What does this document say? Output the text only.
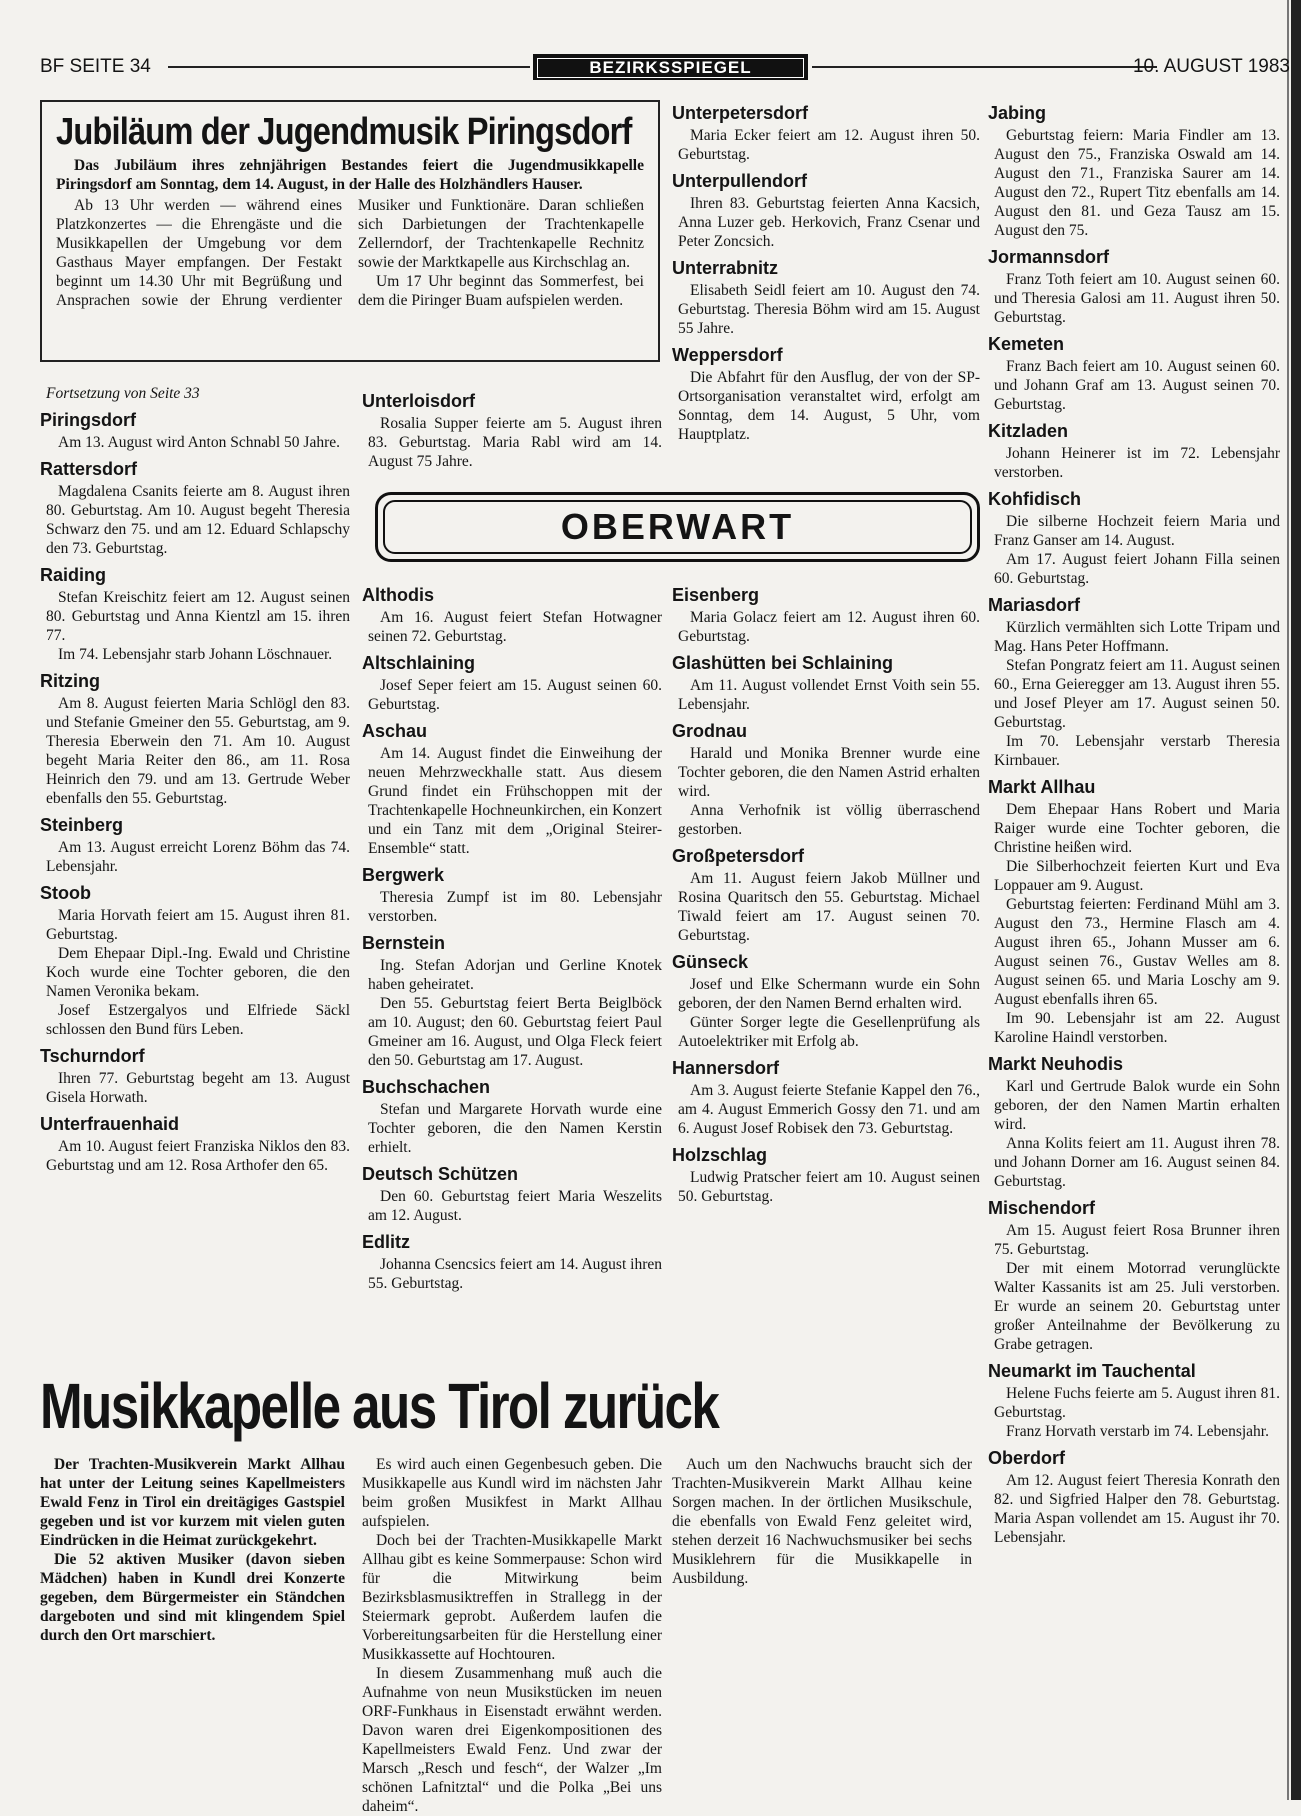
BF SEITE 34	BEZIRKSSPIEGEL	10. AUGUST 1983
Jubiläum der Jugendmusik Piringsdorf

Das Jubiläum ihres zehnjährigen Bestandes feiert die Jugendmusikkapelle Piringsdorf am Sonntag, dem 14. August, in der Halle des Holzhändlers Hauser.

Ab 13 Uhr werden — während eines Platzkonzertes — die Ehrengäste und die Musikkapellen der Umgebung vor dem Gasthaus Mayer empfangen. Der Festakt beginnt um 14.30 Uhr mit Begrüßung und Ansprachen sowie der Ehrung verdienter Musiker und Funktionäre. Daran schließen sich Darbietungen der Trachtenkapelle Zellerndorf, der Trachtenkapelle Rechnitz sowie der Marktkapelle aus Kirchschlag an.

Um 17 Uhr beginnt das Sommerfest, bei dem die Piringer Buam aufspielen werden.

Fortsetzung von Seite 33
Piringsdorf

Am 13. August wird Anton Schnabl 50 Jahre.

Rattersdorf

Magdalena Csanits feierte am 8. August ihren 80. Geburtstag. Am 10. August begeht Theresia Schwarz den 75. und am 12. Eduard Schlapschy den 73. Geburtstag.

Raiding

Stefan Kreischitz feiert am 12. August seinen 80. Geburtstag und Anna Kientzl am 15. ihren 77.

Im 74. Lebensjahr starb Johann Löschnauer.

Ritzing

Am 8. August feierten Maria Schlögl den 83. und Stefanie Gmeiner den 55. Geburtstag, am 9. Theresia Eberwein den 71. Am 10. August begeht Maria Reiter den 86., am 11. Rosa Heinrich den 79. und am 13. Gertrude Weber ebenfalls den 55. Geburtstag.

Steinberg

Am 13. August erreicht Lorenz Böhm das 74. Lebensjahr.

Stoob

Maria Horvath feiert am 15. August ihren 81. Geburtstag.

Dem Ehepaar Dipl.-Ing. Ewald und Christine Koch wurde eine Tochter geboren, die den Namen Veronika bekam.

Josef Estzergalyos und Elfriede Säckl schlossen den Bund fürs Leben.

Tschurndorf

Ihren 77. Geburtstag begeht am 13. August Gisela Horwath.

Unterfrauenhaid

Am 10. August feiert Franziska Niklos den 83. Geburtstag und am 12. Rosa Arthofer den 65.

Unterloisdorf

Rosalia Supper feierte am 5. August ihren 83. Geburtstag. Maria Rabl wird am 14. August 75 Jahre.

Unterpetersdorf

Maria Ecker feiert am 12. August ihren 50. Geburtstag.

Unterpullendorf

Ihren 83. Geburtstag feierten Anna Kacsich, Anna Luzer geb. Herkovich, Franz Csenar und Peter Zoncsich.

Unterrabnitz

Elisabeth Seidl feiert am 10. August den 74. Geburtstag. Theresia Böhm wird am 15. August 55 Jahre.

Weppersdorf

Die Abfahrt für den Ausflug, der von der SP-Ortsorganisation veranstaltet wird, erfolgt am Sonntag, dem 14. August, 5 Uhr, vom Hauptplatz.

OBERWART
Althodis

Am 16. August feiert Stefan Hotwagner seinen 72. Geburtstag.

Altschlaining

Josef Seper feiert am 15. August seinen 60. Geburtstag.

Aschau

Am 14. August findet die Einweihung der neuen Mehrzweckhalle statt. Aus diesem Grund findet ein Frühschoppen mit der Trachtenkapelle Hochneunkirchen, ein Konzert und ein Tanz mit dem „Original Steirer-Ensemble“ statt.

Bergwerk

Theresia Zumpf ist im 80. Lebensjahr verstorben.

Bernstein

Ing. Stefan Adorjan und Gerline Knotek haben geheiratet.

Den 55. Geburtstag feiert Berta Beiglböck am 10. August; den 60. Geburtstag feiert Paul Gmeiner am 16. August, und Olga Fleck feiert den 50. Geburtstag am 17. August.

Buchschachen

Stefan und Margarete Horvath wurde eine Tochter geboren, die den Namen Kerstin erhielt.

Deutsch Schützen

Den 60. Geburtstag feiert Maria Weszelits am 12. August.

Edlitz

Johanna Csencsics feiert am 14. August ihren 55. Geburtstag.

Eisenberg

Maria Golacz feiert am 12. August ihren 60. Geburtstag.

Glashütten bei Schlaining

Am 11. August vollendet Ernst Voith sein 55. Lebensjahr.

Grodnau

Harald und Monika Brenner wurde eine Tochter geboren, die den Namen Astrid erhalten wird.

Anna Verhofnik ist völlig überraschend gestorben.

Großpetersdorf

Am 11. August feiern Jakob Müllner und Rosina Quaritsch den 55. Geburtstag. Michael Tiwald feiert am 17. August seinen 70. Geburtstag.

Günseck

Josef und Elke Schermann wurde ein Sohn geboren, der den Namen Bernd erhalten wird.

Günter Sorger legte die Gesellenprüfung als Autoelektriker mit Erfolg ab.

Hannersdorf

Am 3. August feierte Stefanie Kappel den 76., am 4. August Emmerich Gossy den 71. und am 6. August Josef Robisek den 73. Geburtstag.

Holzschlag

Ludwig Pratscher feiert am 10. August seinen 50. Geburtstag.

Jabing

Geburtstag feiern: Maria Findler am 13. August den 75., Franziska Oswald am 14. August den 71., Franziska Saurer am 14. August den 72., Rupert Titz ebenfalls am 14. August den 81. und Geza Tausz am 15. August den 75.

Jormannsdorf

Franz Toth feiert am 10. August seinen 60. und Theresia Galosi am 11. August ihren 50. Geburtstag.

Kemeten

Franz Bach feiert am 10. August seinen 60. und Johann Graf am 13. August seinen 70. Geburtstag.

Kitzladen

Johann Heinerer ist im 72. Lebensjahr verstorben.

Kohfidisch

Die silberne Hochzeit feiern Maria und Franz Ganser am 14. August.

Am 17. August feiert Johann Filla seinen 60. Geburtstag.

Mariasdorf

Kürzlich vermählten sich Lotte Tripam und Mag. Hans Peter Hoffmann.

Stefan Pongratz feiert am 11. August seinen 60., Erna Geieregger am 13. August ihren 55. und Josef Pleyer am 17. August seinen 50. Geburtstag.

Im 70. Lebensjahr verstarb Theresia Kirnbauer.

Markt Allhau

Dem Ehepaar Hans Robert und Maria Raiger wurde eine Tochter geboren, die Christine heißen wird.

Die Silberhochzeit feierten Kurt und Eva Loppauer am 9. August.

Geburtstag feierten: Ferdinand Mühl am 3. August den 73., Hermine Flasch am 4. August ihren 65., Johann Musser am 6. August seinen 76., Gustav Welles am 8. August seinen 65. und Maria Loschy am 9. August ebenfalls ihren 65.

Im 90. Lebensjahr ist am 22. August Karoline Haindl verstorben.

Markt Neuhodis

Karl und Gertrude Balok wurde ein Sohn geboren, der den Namen Martin erhalten wird.

Anna Kolits feiert am 11. August ihren 78. und Johann Dorner am 16. August seinen 84. Geburtstag.

Mischendorf

Am 15. August feiert Rosa Brunner ihren 75. Geburtstag.

Der mit einem Motorrad verunglückte Walter Kassanits ist am 25. Juli verstorben. Er wurde an seinem 20. Geburtstag unter großer Anteilnahme der Bevölkerung zu Grabe getragen.

Neumarkt im Tauchental

Helene Fuchs feierte am 5. August ihren 81. Geburtstag.

Franz Horvath verstarb im 74. Lebensjahr.

Oberdorf

Am 12. August feiert Theresia Konrath den 82. und Sigfried Halper den 78. Geburtstag. Maria Aspan vollendet am 15. August ihr 70. Lebensjahr.

Musikkapelle aus Tirol zurück

Der Trachten-Musikverein Markt Allhau hat unter der Leitung seines Kapellmeisters Ewald Fenz in Tirol ein dreitägiges Gastspiel gegeben und ist vor kurzem mit vielen guten Eindrücken in die Heimat zurückgekehrt.

Die 52 aktiven Musiker (davon sieben Mädchen) haben in Kundl drei Konzerte gegeben, dem Bürgermeister ein Ständchen dargeboten und sind mit klingendem Spiel durch den Ort marschiert.

Es wird auch einen Gegenbesuch geben. Die Musikkapelle aus Kundl wird im nächsten Jahr beim großen Musikfest in Markt Allhau aufspielen.

Doch bei der Trachten-Musikkapelle Markt Allhau gibt es keine Sommerpause: Schon wird für die Mitwirkung beim Bezirksblasmusiktreffen in Strallegg in der Steiermark geprobt. Außerdem laufen die Vorbereitungsarbeiten für die Herstellung einer Musikkassette auf Hochtouren.

In diesem Zusammenhang muß auch die Aufnahme von neun Musikstücken im neuen ORF-Funkhaus in Eisenstadt erwähnt werden. Davon waren drei Eigenkompositionen des Kapellmeisters Ewald Fenz. Und zwar der Marsch „Resch und fesch“, der Walzer „Im schönen Lafnitztal“ und die Polka „Bei uns daheim“.

Auch um den Nachwuchs braucht sich der Trachten-Musikverein Markt Allhau keine Sorgen machen. In der örtlichen Musikschule, die ebenfalls von Ewald Fenz geleitet wird, stehen derzeit 16 Nachwuchsmusiker bei sechs Musiklehrern für die Musikkapelle in Ausbildung.
